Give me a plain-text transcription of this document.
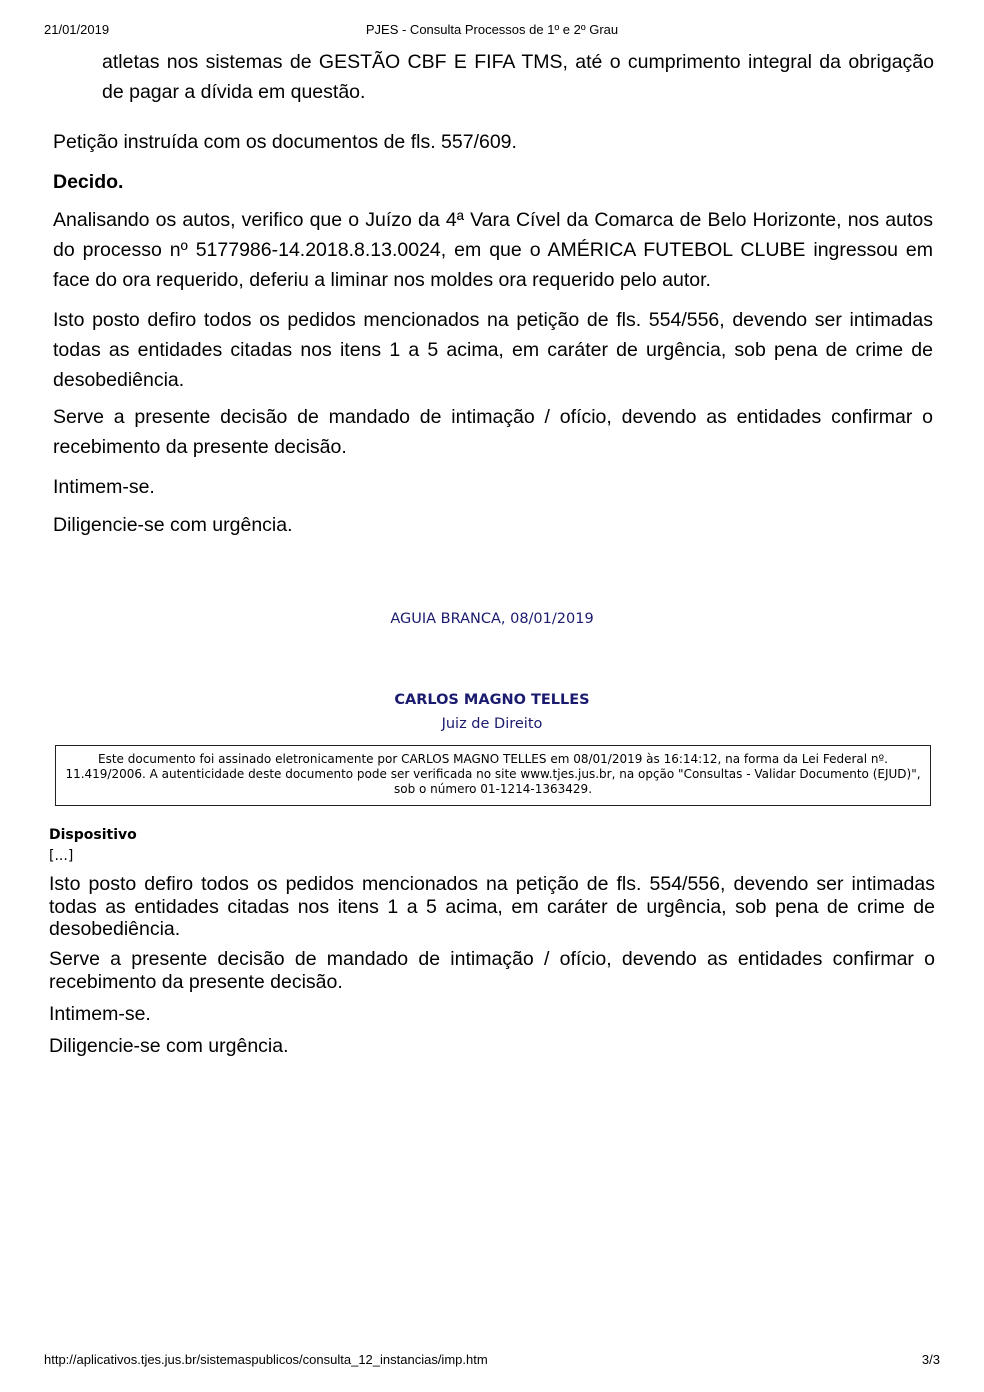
21/01/2019	PJES - Consulta Processos de 1º e 2º Grau
atletas nos sistemas de GESTÃO CBF E FIFA TMS, até o cumprimento integral da obrigação de pagar a dívida em questão.
Petição instruída com os documentos de fls. 557/609.
Decido.
Analisando os autos, verifico que o Juízo da 4ª Vara Cível da Comarca de Belo Horizonte, nos autos do processo nº 5177986-14.2018.8.13.0024, em que o AMÉRICA FUTEBOL CLUBE ingressou em face do ora requerido, deferiu a liminar nos moldes ora requerido pelo autor.
Isto posto defiro todos os pedidos mencionados na petição de fls. 554/556, devendo ser intimadas todas as entidades citadas nos itens 1 a 5 acima, em caráter de urgência, sob pena de crime de desobediência.
Serve a presente decisão de mandado de intimação / ofício, devendo as entidades confirmar o recebimento da presente decisão.
Intimem-se.
Diligencie-se com urgência.
AGUIA BRANCA, 08/01/2019
CARLOS MAGNO TELLES
Juiz de Direito
Este documento foi assinado eletronicamente por CARLOS MAGNO TELLES em 08/01/2019 às 16:14:12, na forma da Lei Federal nº. 11.419/2006. A autenticidade deste documento pode ser verificada no site www.tjes.jus.br, na opção "Consultas - Validar Documento (EJUD)", sob o número 01-1214-1363429.
Dispositivo
[...]
Isto posto defiro todos os pedidos mencionados na petição de fls. 554/556, devendo ser intimadas todas as entidades citadas nos itens 1 a 5 acima, em caráter de urgência, sob pena de crime de desobediência.
Serve a presente decisão de mandado de intimação / ofício, devendo as entidades confirmar o recebimento da presente decisão.
Intimem-se.
Diligencie-se com urgência.
http://aplicativos.tjes.jus.br/sistemaspublicos/consulta_12_instancias/imp.htm	3/3
